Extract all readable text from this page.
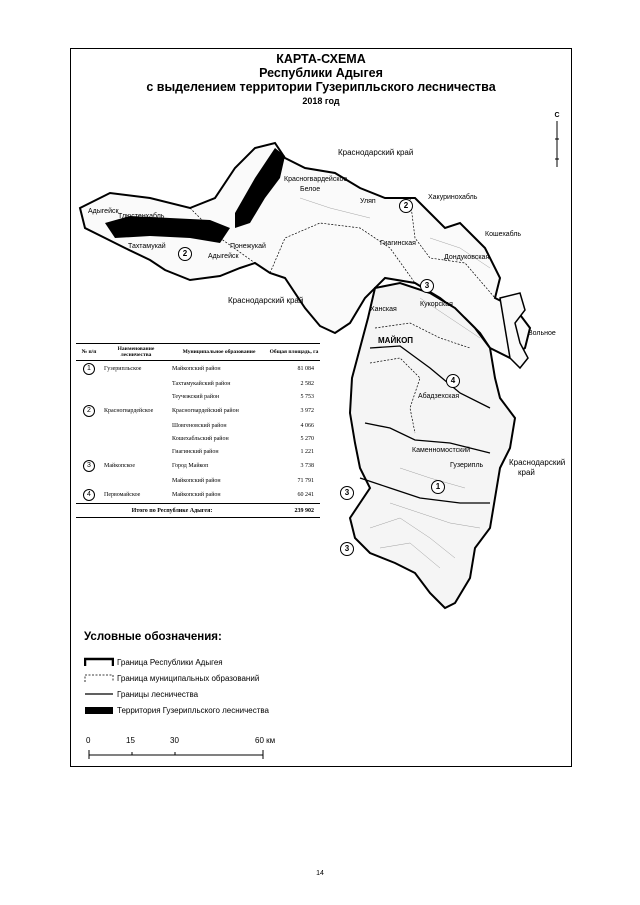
КАРТА-СХЕМА
Республики Адыгея
с выделением территории Гузерипльского лесничества
2018 год
С
Краснодарский край
Краснодарский край
Краснодарский
край
Адыгейск
Тлюстенхабль
Тахтамукай	Понежукай
Адыгейск
Красногвардейское
Белое
Уляп
Хакуринохабль
Кошехабль
Гиагинская
Дондуковская
Кукорская
Ханская
МАЙКОП
Вольное
Абадзехская
Каменномостский
Гузерипль
2
2
3
4
1
3
3
№ п/п	Наименование лесничества	Муниципальное образование	Общая площадь, га
1	Гузерипльское	Майкопский район	81 084
		Тахтамукайский район	2 582
		Теучежский район	5 753
2	Красногвардейское	Красногвардейский район	3 972
		Шовгеновский район	4 066
		Кошехабльский район	5 270
		Гиагинский район	1 221
3	Майкопское	Город Майкоп	3 738
		Майкопский район	71 791
4	Первомайское	Майкопский район	60 241
Итого по Республике Адыгея:			239 902
Условные обозначения:
Граница Республики Адыгея
Граница муниципальных образований
Границы лесничества
Территория Гузерипльского лесничества
0	15	30	60 км
14
